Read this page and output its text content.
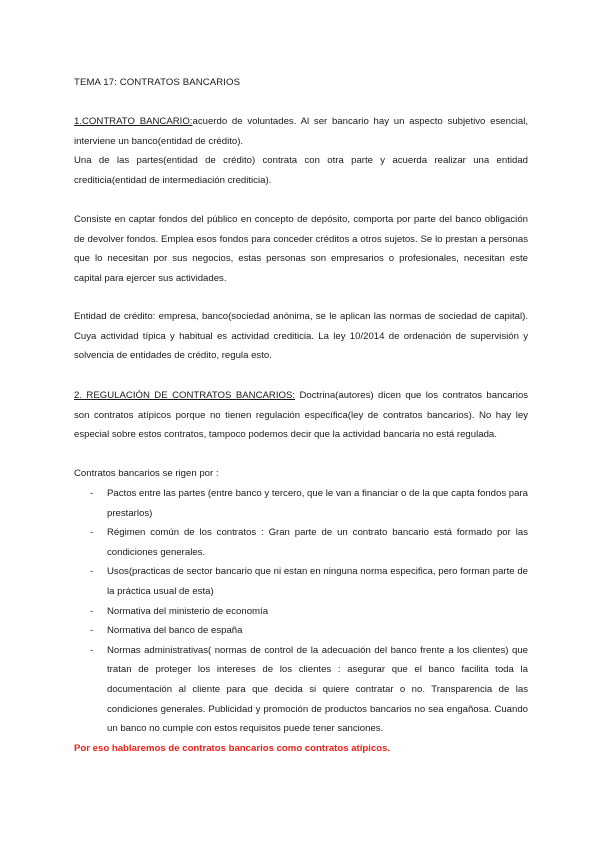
TEMA 17: CONTRATOS BANCARIOS
1.CONTRATO BANCARIO:acuerdo de voluntades. Al ser bancario hay un aspecto subjetivo esencial, interviene un banco(entidad de crédito).
Una de las partes(entidad de crédito) contrata con otra parte y acuerda realizar una entidad crediticia(entidad de intermediación crediticia).
Consiste en captar fondos del público en concepto de depósito, comporta por parte del banco obligación de devolver fondos. Emplea esos fondos para conceder créditos a otros sujetos. Se lo prestan a personas que lo necesitan por sus negocios, estas personas son empresarios o profesionales, necesitan este capital para ejercer sus actividades.
Entidad de crédito: empresa, banco(sociedad anónima, se le aplican las normas de sociedad de capital). Cuya actividad típica y habitual es actividad crediticia. La ley 10/2014 de ordenación de supervisión y solvencia de entidades de crédito, regula esto.
2. REGULACIÓN DE CONTRATOS BANCARIOS: Doctrina(autores) dicen que los contratos bancarios son contratos atípicos porque no tienen regulación específica(ley de contratos bancarios). No hay ley especial sobre estos contratos, tampoco podemos decir que la actividad bancaria no está regulada.
Contratos bancarios se rigen por :
- Pactos entre las partes (entre banco y tercero, que le van a financiar o de la que capta fondos para prestarlos)
- Régimen común de los contratos : Gran parte de un contrato bancario está formado por las condiciones generales.
- Usos(practicas de sector bancario que ni estan en ninguna norma especifica, pero forman parte de la práctica usual de esta)
- Normativa del ministerio de economía
- Normativa del banco de españa
- Normas administrativas( normas de control de la adecuación del banco frente a los clientes) que tratan de proteger los intereses de los clientes : asegurar que el banco facilita toda la documentación al cliente para que decida si quiere contratar o no. Transparencia de las condiciones generales. Publicidad y promoción de productos bancarios no sea engañosa. Cuando un banco no cumple con estos requisitos puede tener sanciones.
Por eso hablaremos de contratos bancarios como contratos atípicos.
